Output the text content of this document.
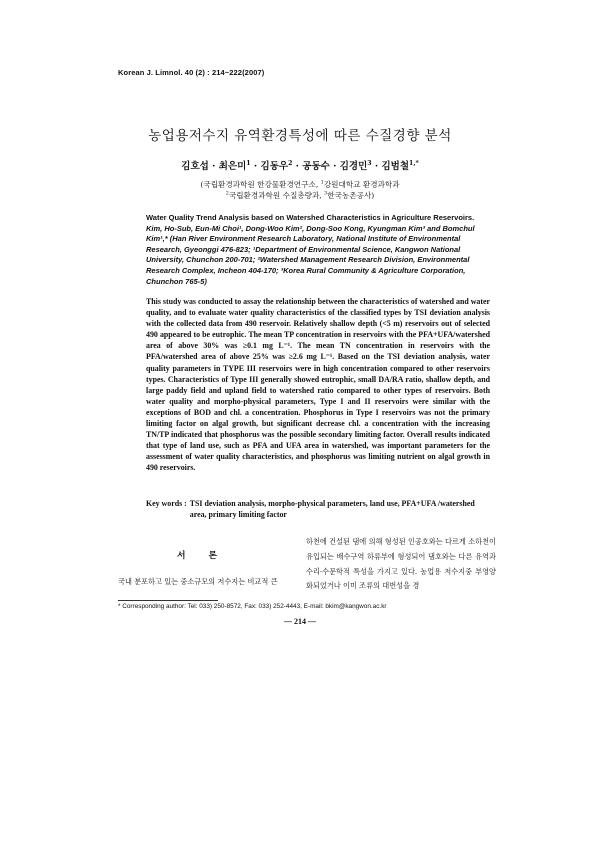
Korean J. Limnol. 40 (2) : 214~222(2007)
농업용저수지 유역환경특성에 따른 수질경향 분석
김호섭 · 최은미$^1$ · 김동우$^2$ · 공동수 · 김경민$^3$ · 김범철$^{1,*}$
(국립환경과학원 한강물환경연구소, $^1$강원대학교 환경과학과
$^2$국립환경과학원 수질총량과, $^3$한국농촌공사)
Water Quality Trend Analysis based on Watershed Characteristics in Agriculture Reservoirs. Kim, Ho-Sub, Eun-Mi Choi¹, Dong-Woo Kim², Dong-Soo Kong, Kyungman Kim³ and Bomchul Kim¹,* (Han River Environment Research Laboratory, National Institute of Environmental Research, Gyeonggi 476-823; ¹Department of Environmental Science, Kangwon National University, Chunchon 200-701; ²Watershed Management Research Division, Environmental Research Complex, Incheon 404-170; ³Korea Rural Community & Agriculture Corporation, Chunchon 765-5)
This study was conducted to assay the relationship between the characteristics of watershed and water quality, and to evaluate water quality characteristics of the classified types by TSI deviation analysis with the collected data from 490 reservoir. Relatively shallow depth (<5 m) reservoirs out of selected 490 appeared to be eutrophic. The mean TP concentration in reservoirs with the PFA+UFA/watershed area of above 30% was ≥0.1 mg L⁻¹. The mean TN concentration in reservoirs with the PFA/watershed area of above 25% was ≥2.6 mg L⁻¹. Based on the TSI deviation analysis, water quality parameters in TYPE III reservoirs were in high concentration compared to other reservoirs types. Characteristics of Type III generally showed eutrophic, small DA/RA ratio, shallow depth, and large paddy field and upland field to watershed ratio compared to other types of reservoirs. Both water quality and morpho-physical parameters, Type I and II reservoirs were similar with the exceptions of BOD and chl. a concentration. Phosphorus in Type I reservoirs was not the primary limiting factor on algal growth, but significant decrease chl. a concentration with the increasing TN/TP indicated that phosphorus was the possible secondary limiting factor. Overall results indicated that type of land use, such as PFA and UFA area in watershed, was important parameters for the assessment of water quality characteristics, and phosphorus was limiting nutrient on algal growth in 490 reservoirs.
Key words : TSI deviation analysis, morpho-physical parameters, land use, PFA+UFA /watershed area, primary limiting factor
서 론
국내 분포하고 있는 중소규모의 저수지는 비교적 큰
하천에 건설된 댐에 의해 형성된 인공호와는 다르게 소하천이 유입되는 배수구역 하류부에 형성되어 댐호와는 다른 유역과 수리·수문학적 특성을 가지고 있다. 농업용 저수지중 부영양화되었거나 이미 조류의 대번성을 경
* Corresponding author: Tel: 033) 250-8572, Fax: 033) 252-4443, E-mail: bkim@kangwon.ac.kr
— 214 —
